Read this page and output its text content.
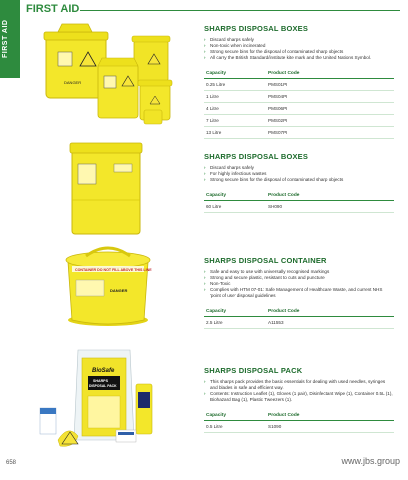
FIRST AID
FIRST AID
DANGER
SHARPS DISPOSAL BOXES
› Discard sharps safely
› Non-toxic when incinerated
› Strong secure bins for the disposal of contaminated sharp objects
› All carry the British Standard/institute kite mark and the United Nations Symbol.
Capacity	Product Code
0.25 Litre	PMS01PI
1 Litre	PMS04PI
4 Litre	PMS06PI
7 Litre	PMS02PI
13 Litre	PMS07PI
SHARPS DISPOSAL BOXES
› Discard sharps safely
› For highly infectious wastes
› Strong secure bins for the disposal of contaminated sharp objects
Capacity	Product Code
60 Litre	SH090
CONTAINER DO NOT FILL ABOVE THIS LINE
DANGER
SHARPS DISPOSAL CONTAINER
› Safe and easy to use with universally recognised markings
› Strong and secure plastic, resistant to cuts and puncture
› Non-Toxic
› Complies with HTM 07-01: Safe Management of Healthcare Waste, and current NHS 'point of use' disposal guidelines
Capacity	Product Code
2.5 Litre	A11553
BioSafe
SHARPS
DISPOSAL PACK
SHARPS DISPOSAL PACK
› This sharps pack provides the basic essentials for dealing with used needles, syringes and blades in safe and efficient way.
› Contents: Instruction Leaflet (1), Gloves (1 pair), Disinfectant Wipe (1), Container 0.5L (1), Biohazard Bag (1), Plastic Tweezers (1).
Capacity	Product Code
0.5 Litre	S1090
658	www.jbs.group
